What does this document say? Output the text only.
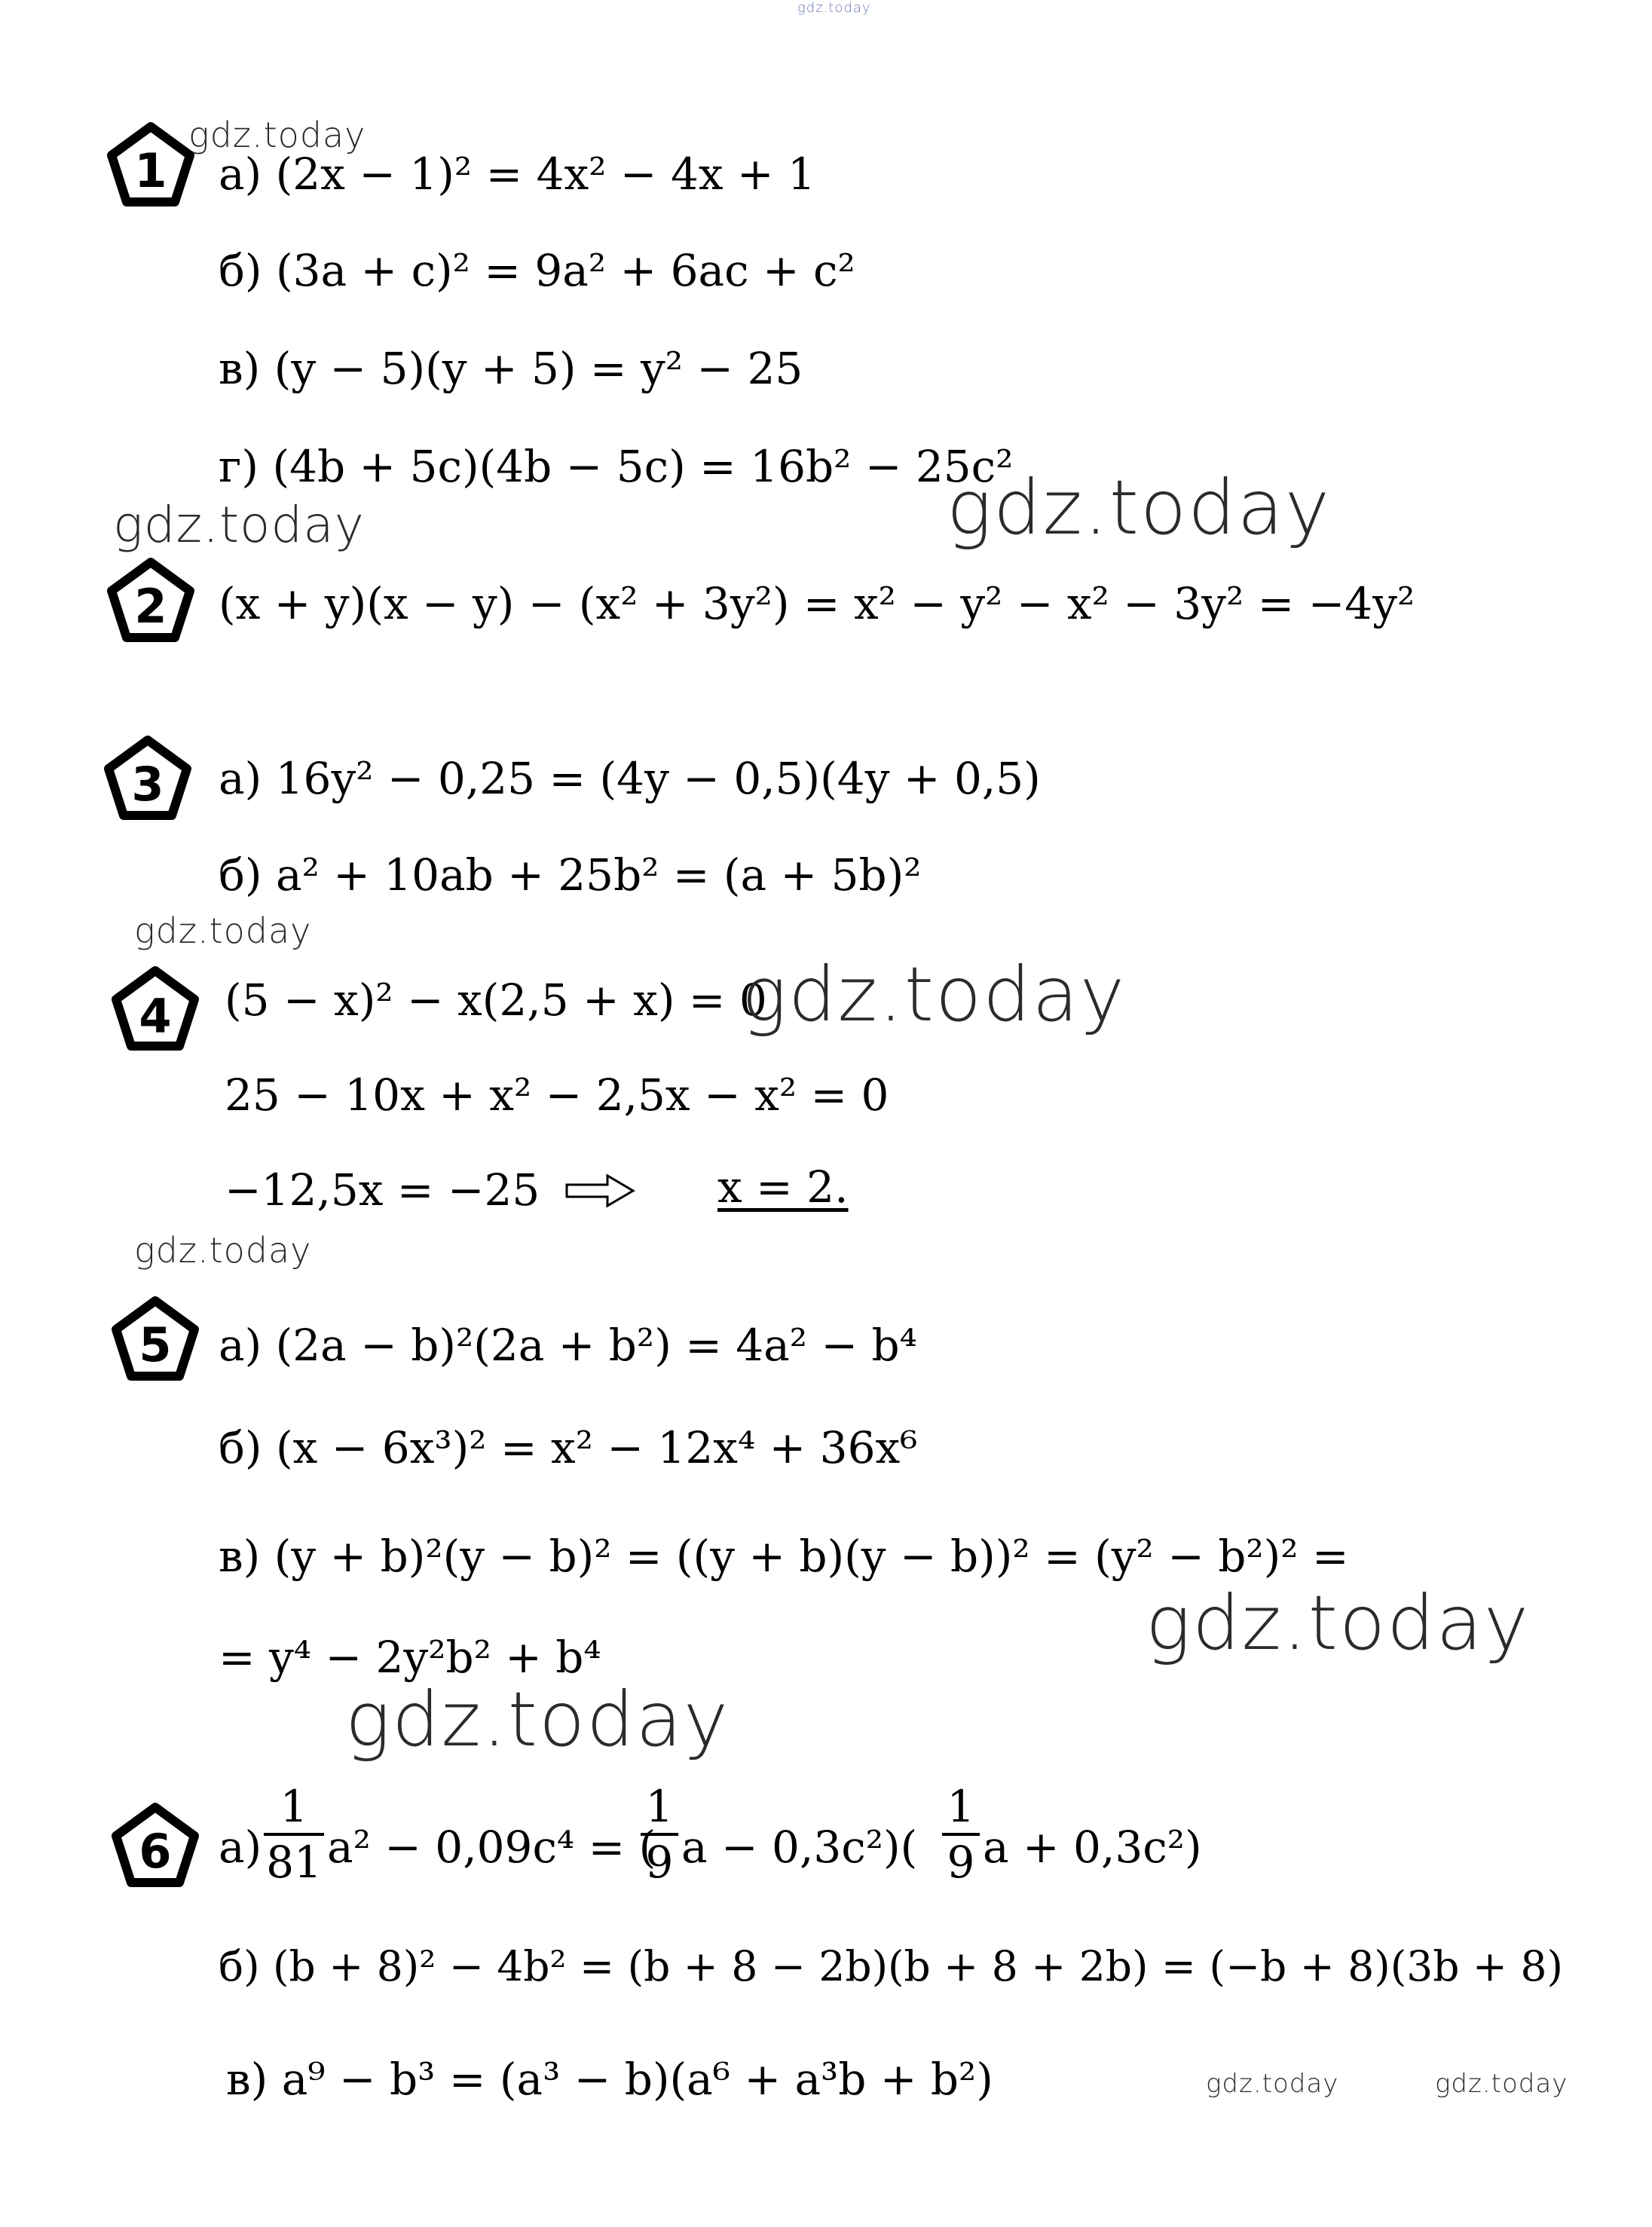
gdz.today
1
gdz.today
а) (2x − 1)² = 4x² − 4x + 1
б) (3a + c)² = 9a² + 6ac + c²
в) (y − 5)(y + 5) = y² − 25
г) (4b + 5c)(4b − 5c) = 16b² − 25c²
gdz.today	gdz.today
2 (x + y)(x − y) − (x² + 3y²) = x² − y² − x² − 3y² = −4y²
3 а) 16y² − 0,25 = (4y − 0,5)(4y + 0,5)
б) a² + 10ab + 25b² = (a + 5b)²
gdz.today
4 (5 − x)² − x(2,5 + x) = 0
gdz.today
25 − 10x + x² − 2,5x − x² = 0
−12,5x = −25	x = 2.
gdz.today
5 а) (2a − b)²(2a + b²) = 4a² − b⁴
б) (x − 6x³)² = x² − 12x⁴ + 36x⁶
в) (y + b)²(y − b)² = ((y + b)(y − b))² = (y² − b²)² =
gdz.today
= y⁴ − 2y²b² + b⁴
gdz.today
6 а)
1
81 a² − 0,09c⁴ = (
1
9 a − 0,3c²)(
1
9 a + 0,3c²)
б) (b + 8)² − 4b² = (b + 8 − 2b)(b + 8 + 2b) = (−b + 8)(3b + 8)
в) a⁹ − b³ = (a³ − b)(a⁶ + a³b + b²)	gdz.today	gdz.today
